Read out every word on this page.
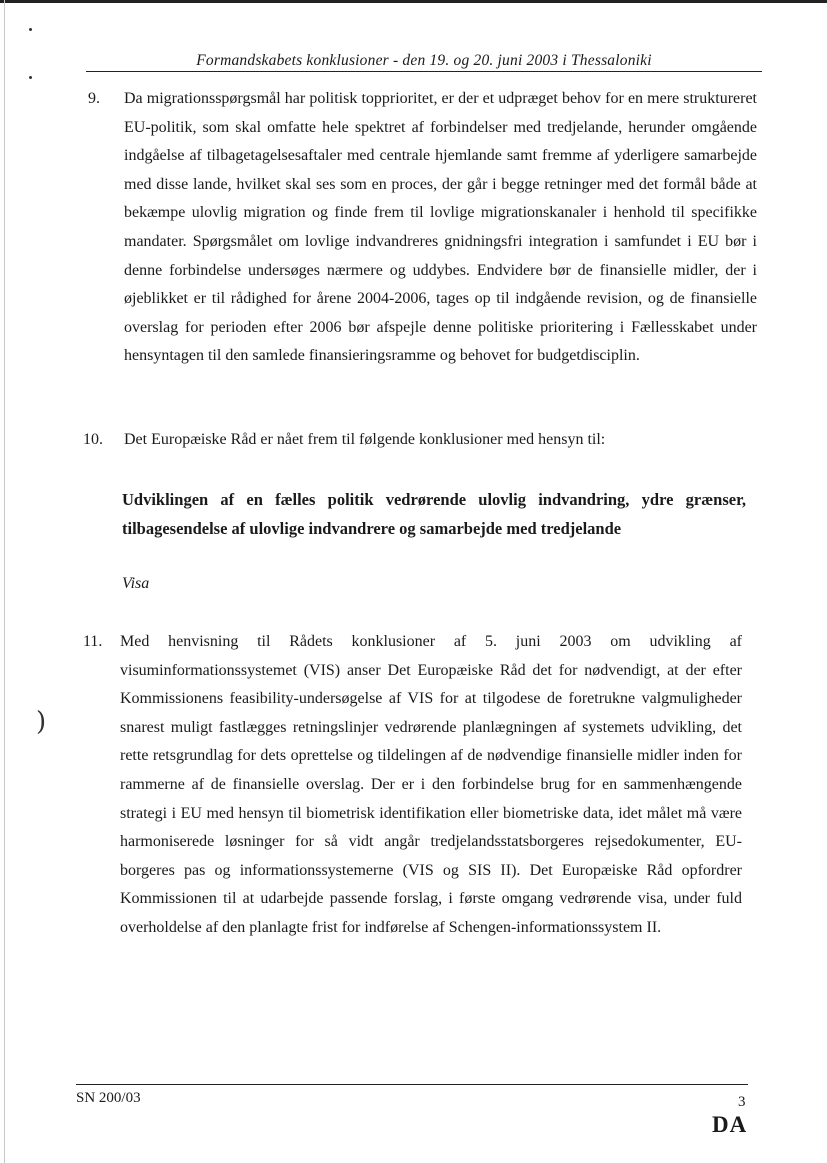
Formandskabets konklusioner - den 19. og 20. juni 2003 i Thessaloniki
9. Da migrationsspørgsmål har politisk topprioritet, er der et udpræget behov for en mere struktureret EU-politik, som skal omfatte hele spektret af forbindelser med tredjelande, herunder omgående indgåelse af tilbagetagelsesaftaler med centrale hjemlande samt fremme af yderligere samarbejde med disse lande, hvilket skal ses som en proces, der går i begge retninger med det formål både at bekæmpe ulovlig migration og finde frem til lovlige migrationskanaler i henhold til specifikke mandater. Spørgsmålet om lovlige indvandreres gnidningsfri integration i samfundet i EU bør i denne forbindelse undersøges nærmere og uddybes. Endvidere bør de finansielle midler, der i øjeblikket er til rådighed for årene 2004-2006, tages op til indgående revision, og de finansielle overslag for perioden efter 2006 bør afspejle denne politiske prioritering i Fællesskabet under hensyntagen til den samlede finansieringsramme og behovet for budgetdisciplin.

10. Det Europæiske Råd er nået frem til følgende konklusioner med hensyn til:

Udviklingen af en fælles politik vedrørende ulovlig indvandring, ydre grænser, tilbagesendelse af ulovlige indvandrere og samarbejde med tredjelande

Visa
11. Med henvisning til Rådets konklusioner af 5. juni 2003 om udvikling af visuminformationssystemet (VIS) anser Det Europæiske Råd det for nødvendigt, at der efter Kommissionens feasibility-undersøgelse af VIS for at tilgodese de foretrukne valgmuligheder snarest muligt fastlægges retningslinjer vedrørende planlægningen af systemets udvikling, det rette retsgrundlag for dets oprettelse og tildelingen af de nødvendige finansielle midler inden for rammerne af de finansielle overslag. Der er i den forbindelse brug for en sammenhængende strategi i EU med hensyn til biometrisk identifikation eller biometriske data, idet målet må være harmoniserede løsninger for så vidt angår tredjelandsstatsborgeres rejsedokumenter, EU-borgeres pas og informationssystemerne (VIS og SIS II). Det Europæiske Råd opfordrer Kommissionen til at udarbejde passende forslag, i første omgang vedrørende visa, under fuld overholdelse af den planlagte frist for indførelse af Schengen-informationssystem II.

)
SN 200/03	3
DA
